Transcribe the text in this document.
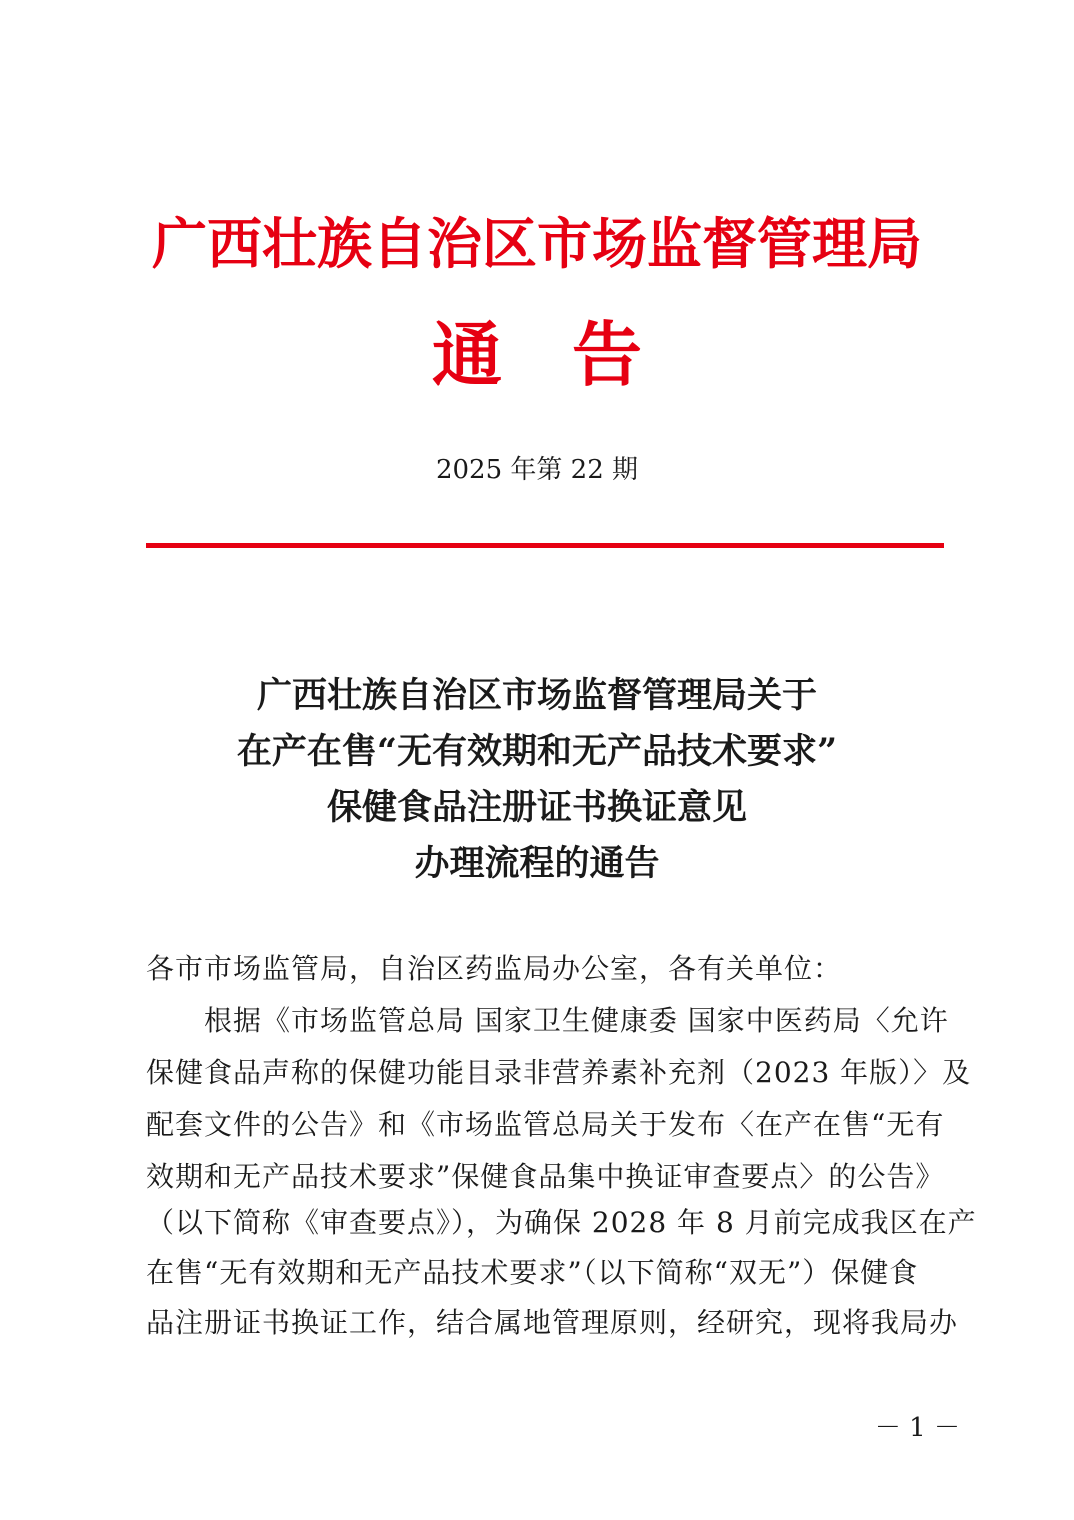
广西壮族自治区市场监督管理局
通 告
2025 年第 22 期
广西壮族自治区市场监督管理局关于
在产在售“无有效期和无产品技术要求”
保健食品注册证书换证意见
办理流程的通告
各市市场监管局，自治区药监局办公室，各有关单位：
　　根据《市场监管总局 国家卫生健康委 国家中医药局〈允许
保健食品声称的保健功能目录非营养素补充剂（2023 年版）〉及
配套文件的公告》和《市场监管总局关于发布〈在产在售“无有
效期和无产品技术要求”保健食品集中换证审查要点〉的公告》
（以下简称《审查要点》），为确保 2028 年 8 月前完成我区在产
在售“无有效期和无产品技术要求”（以下简称“双无”）保健食
品注册证书换证工作，结合属地管理原则，经研究，现将我局办
－ 1 －
